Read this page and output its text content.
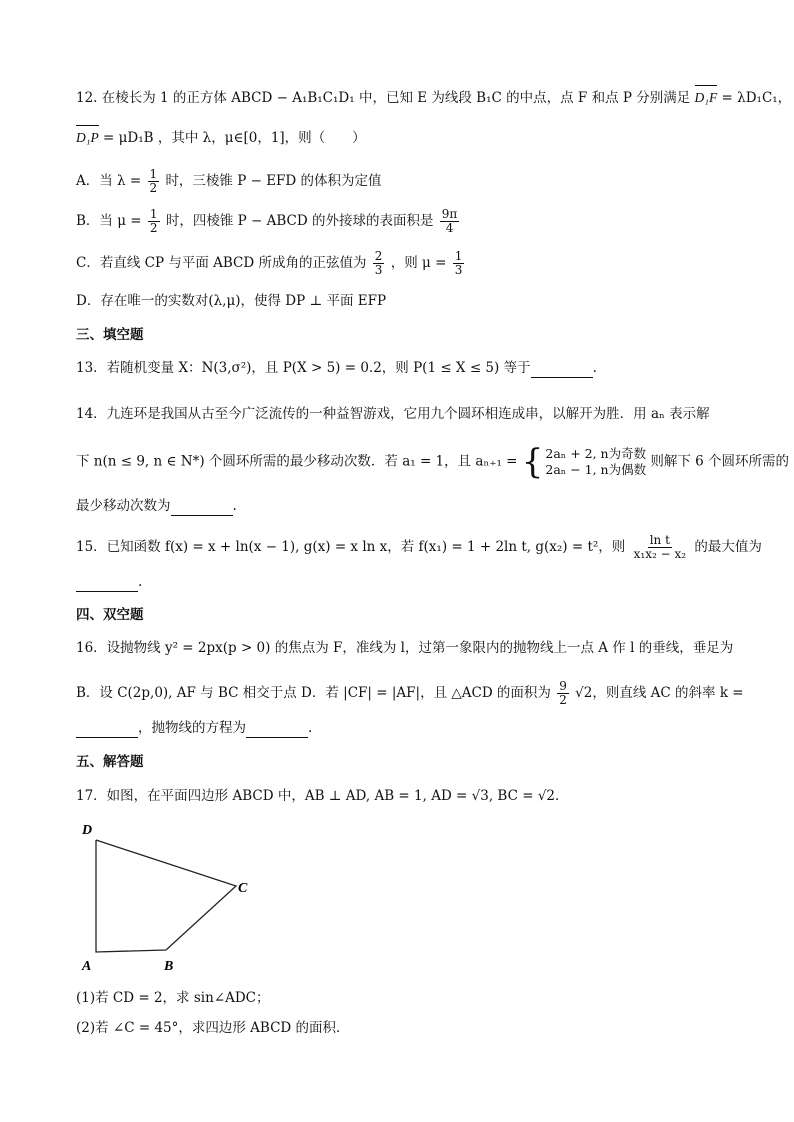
12. 在棱长为 1 的正方体 ABCD − A₁B₁C₁D₁ 中，已知 E 为线段 B₁C 的中点，点 F 和点 P 分别满足 D₁F = λD₁C₁，
D₁P = μD₁B ，其中 λ，μ∈[0，1]，则（　　）
A．当 $\lambda = \frac{1}{2}$ 时，三棱锥 P − EFD 的体积为定值
B．当 $\mu = \frac{1}{2}$ 时，四棱锥 P − ABCD 的外接球的表面积是 $\frac{9\pi}{4}$
C．若直线 CP 与平面 ABCD 所成角的正弦值为 $\frac{2}{3}$ ，则 $\mu = \frac{1}{3}$
D．存在唯一的实数对(λ,μ)，使得 DP ⊥ 平面 EFP
三、填空题
13．若随机变量 X：N(3,σ²)，且 P(X > 5) = 0.2，则 P(1 ≤ X ≤ 5) 等于	.
14．九连环是我国从古至今广泛流传的一种益智游戏，它用九个圆环相连成串，以解开为胜．用 aₙ 表示解
下 n(n ≤ 9, n ∈ N*) 个圆环所需的最少移动次数．若 a₁ = 1，且 aₙ₊₁ = { 2aₙ + 2, n为奇数
2aₙ − 1, n为偶数 则解下 6 个圆环所需的
最少移动次数为	.
15．已知函数 f(x) = x + ln(x − 1), g(x) = x ln x，若 f(x₁) = 1 + 2ln t, g(x₂) = t²，则 $\frac{\text{ln t}}{\text{x₁x₂ − x₂}}$ 的最大值为
.
四、双空题
16．设抛物线 y² = 2px(p > 0) 的焦点为 F，准线为 l，过第一象限内的抛物线上一点 A 作 l 的垂线，垂足为
B．设 C(2p,0), AF 与 BC 相交于点 D．若 |CF| = |AF|，且 △ACD 的面积为 $\frac{9}{2} √2$，则直线 AC 的斜率 k =
，抛物线的方程为	.
五、解答题
17．如图，在平面四边形 ABCD 中，AB ⊥ AD, AB = 1, AD = √3, BC = √2．
D
C
A	B
(1)若 CD = 2，求 sin∠ADC；
(2)若 ∠C = 45°，求四边形 ABCD 的面积．
